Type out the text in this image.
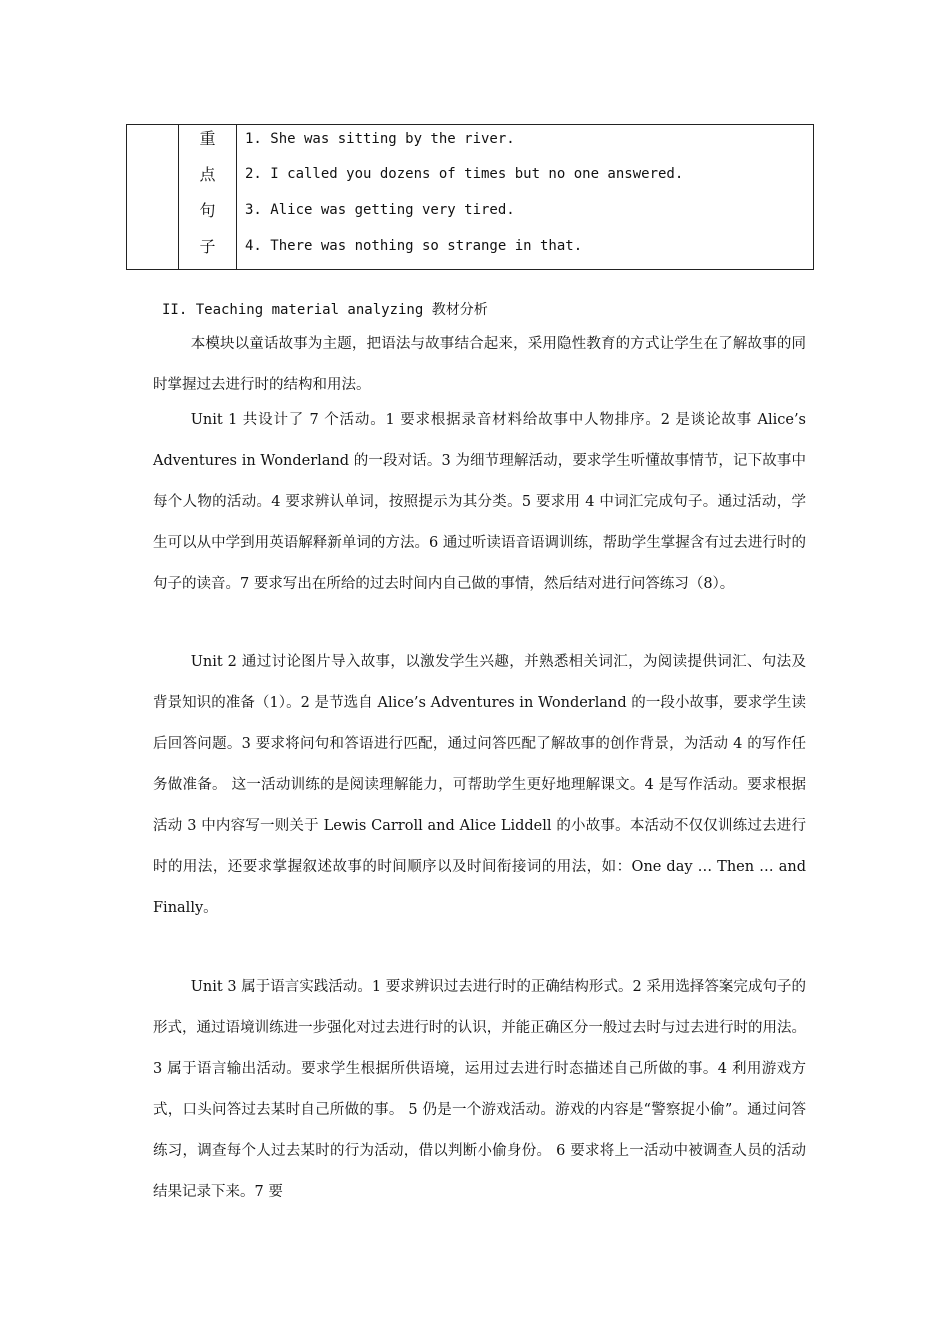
重
点
句
子
1. She was sitting by the river.
2. I called you dozens of times but no one answered.
3. Alice was getting very tired.
4. There was nothing so strange in that.
II. Teaching material analyzing 教材分析

本模块以童话故事为主题，把语法与故事结合起来，采用隐性教育的方式让学生在了解故事的同时掌握过去进行时的结构和用法。

Unit 1 共设计了 7 个活动。1 要求根据录音材料给故事中人物排序。2 是谈论故事 Alice’s Adventures in Wonderland 的一段对话。3 为细节理解活动，要求学生听懂故事情节，记下故事中每个人物的活动。4 要求辨认单词，按照提示为其分类。5 要求用 4 中词汇完成句子。通过活动，学生可以从中学到用英语解释新单词的方法。6 通过听读语音语调训练，帮助学生掌握含有过去进行时的句子的读音。7 要求写出在所给的过去时间内自己做的事情，然后结对进行问答练习（8）。

Unit 2 通过讨论图片导入故事，以激发学生兴趣，并熟悉相关词汇，为阅读提供词汇、句法及背景知识的准备（1）。2 是节选自 Alice’s Adventures in Wonderland 的一段小故事，要求学生读后回答问题。3 要求将问句和答语进行匹配，通过问答匹配了解故事的创作背景，为活动 4 的写作任务做准备。 这一活动训练的是阅读理解能力，可帮助学生更好地理解课文。4 是写作活动。要求根据活动 3 中内容写一则关于 Lewis Carroll and Alice Liddell 的小故事。本活动不仅仅训练过去进行时的用法，还要求掌握叙述故事的时间顺序以及时间衔接词的用法，如：One day … Then … and Finally。

Unit 3 属于语言实践活动。1 要求辨识过去进行时的正确结构形式。2 采用选择答案完成句子的形式，通过语境训练进一步强化对过去进行时的认识，并能正确区分一般过去时与过去进行时的用法。3 属于语言输出活动。要求学生根据所供语境，运用过去进行时态描述自己所做的事。4 利用游戏方式，口头问答过去某时自己所做的事。 5 仍是一个游戏活动。游戏的内容是“警察捉小偷”。通过问答练习，调查每个人过去某时的行为活动，借以判断小偷身份。 6 要求将上一活动中被调查人员的活动结果记录下来。7 要
